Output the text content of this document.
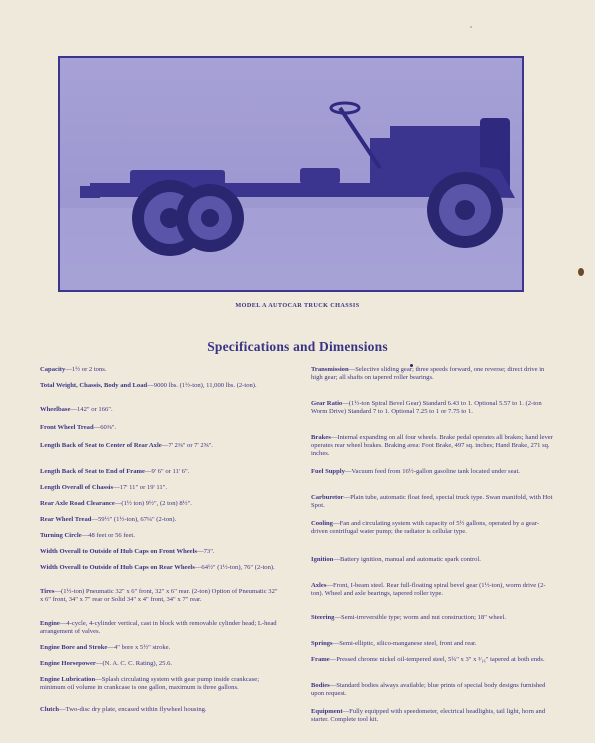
MODEL A AUTOCAR TRUCK CHASSIS
Specifications and Dimensions
Capacity—1½ or 2 tons.
Total Weight, Chassis, Body and Load—9000 lbs. (1½-ton), 11,000 lbs. (2-ton).
Wheelbase—142" or 166".
Front Wheel Tread—60⅜".
Length Back of Seat to Center of Rear Axle—7' 2⅜" or 7' 2⅝".
Length Back of Seat to End of Frame—9' 6" or 11' 6".
Length Overall of Chassis—17' 11" or 19' 11".
Rear Axle Road Clearance—(1½ ton) 9½", (2 ton) 8½".
Rear Wheel Tread—59½" (1½-ton), 67¼" (2-ton).
Turning Circle—48 feet or 56 feet.
Width Overall to Outside of Hub Caps on Front Wheels—73".
Width Overall to Outside of Hub Caps on Rear Wheels—64½" (1½-ton), 76" (2-ton).
Tires—(1½-ton) Pneumatic 32" x 6" front, 32" x 6" rear. (2-ton) Option of Pneumatic 32" x 6" front, 34" x 7" rear or Solid 34" x 4" front, 34" x 7" rear.
Engine—4-cycle, 4-cylinder vertical, cast in block with removable cylinder head; L-head arrangement of valves.
Engine Bore and Stroke—4" bore x 5½" stroke.
Engine Horsepower—(N. A. C. C. Rating), 25.6.
Engine Lubrication—Splash circulating system with gear pump inside crankcase; minimum oil volume in crankcase is one gallon, maximum is three gallons.
Clutch—Two-disc dry plate, encased within flywheel housing.
Transmission—Selective sliding gear; three speeds forward, one reverse; direct drive in high gear; all shafts on tapered roller bearings.
Gear Ratio—(1½-ton Spiral Bevel Gear) Standard 6.43 to 1. Optional 5.57 to 1. (2-ton Worm Drive) Standard 7 to 1. Optional 7.25 to 1 or 7.75 to 1.
Brakes—Internal expanding on all four wheels. Brake pedal operates all brakes; hand lever operates rear wheel brakes. Braking area: Foot Brake, 497 sq. inches; Hand Brake, 271 sq. inches.
Fuel Supply—Vacuum feed from 16½-gallon gasoline tank located under seat.
Carburetor—Plain tube, automatic float feed, special truck type. Swan manifold, with Hot Spot.
Cooling—Fan and circulating system with capacity of 5½ gallons, operated by a gear-driven centrifugal water pump; the radiator is cellular type.
Ignition—Battery ignition, manual and automatic spark control.
Axles—Front, I-beam steel. Rear full-floating spiral bevel gear (1½-ton), worm drive (2-ton). Wheel and axle bearings, tapered roller type.
Steering—Semi-irreversible type; worm and nut construction; 18" wheel.
Springs—Semi-elliptic, silico-manganese steel, front and rear.
Frame—Pressed chrome nickel oil-tempered steel, 5¾" x 3" x ³⁄₁₆" tapered at both ends.
Bodies—Standard bodies always available; blue prints of special body designs furnished upon request.
Equipment—Fully equipped with speedometer, electrical headlights, tail light, horn and starter. Complete tool kit.
